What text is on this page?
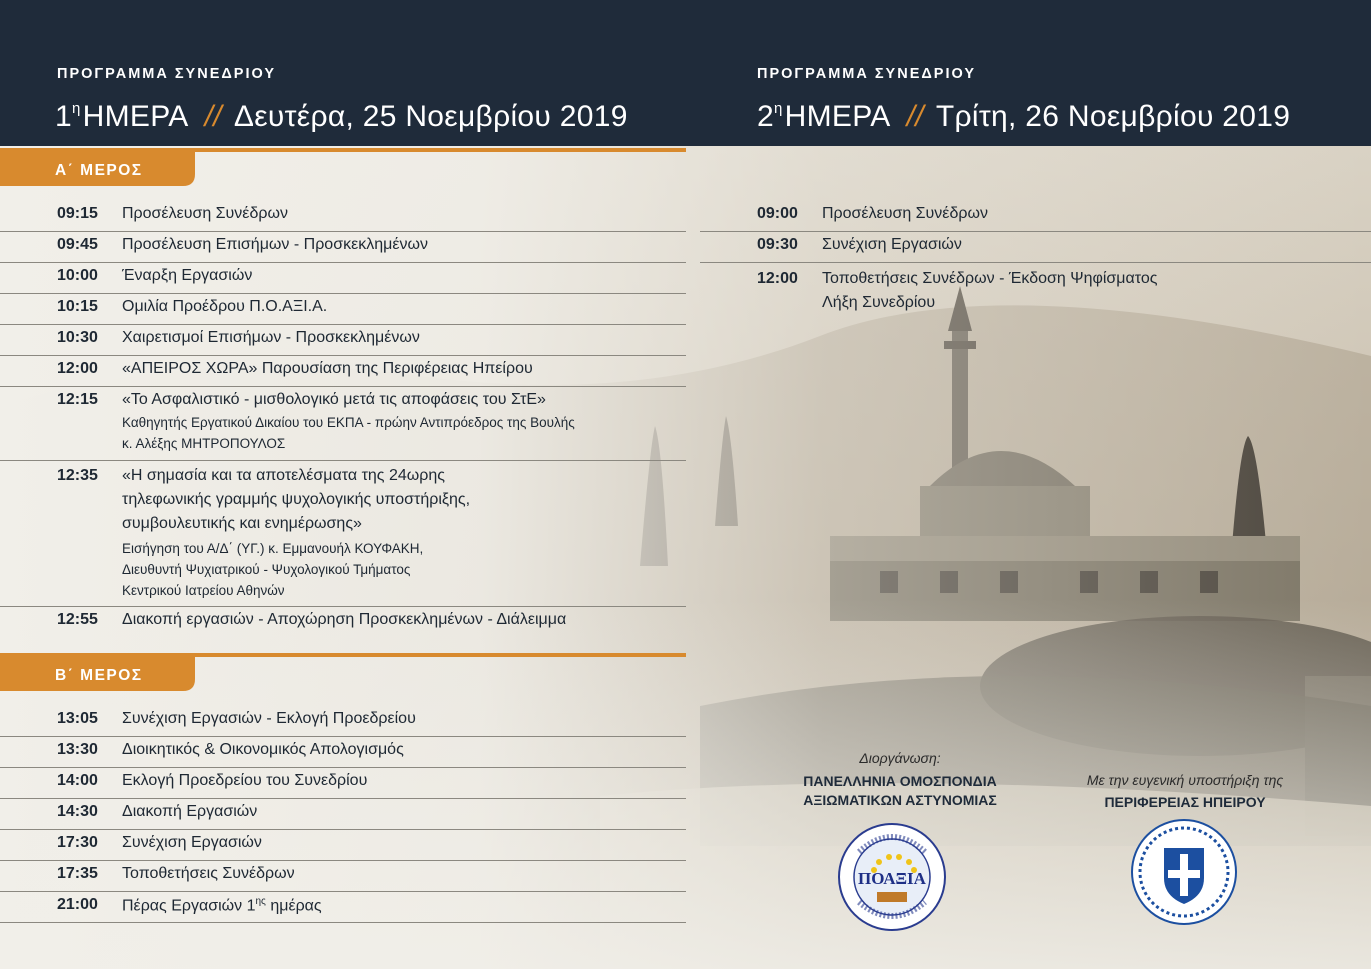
ΠΡΟΓΡΑΜΜΑ ΣΥΝΕΔΡΙΟΥ	ΠΡΟΓΡΑΜΜΑ ΣΥΝΕΔΡΙΟΥ
$1^\eta HMEPA$ // Δευτέρα, 25 Νοεμβρίου 2019	$2^\eta HMEPA$ // Τρίτη, 26 Νοεμβρίου 2019
Α΄ ΜΕΡΟΣ
09:15 Προσέλευση Συνέδρων
09:45 Προσέλευση Επισήμων - Προσκεκλημένων
10:00 Έναρξη Εργασιών
10:15 Ομιλία Προέδρου Π.Ο.ΑΞΙ.Α.
10:30 Χαιρετισμοί Επισήμων - Προσκεκλημένων
12:00 «ΑΠΕΙΡΟΣ ΧΩΡΑ» Παρουσίαση της Περιφέρειας Ηπείρου
12:15 «Το Ασφαλιστικό - μισθολογικό μετά τις αποφάσεις του ΣτΕ»
Καθηγητής Εργατικού Δικαίου του ΕΚΠΑ - πρώην Αντιπρόεδρος της Βουλής
κ. Αλέξης ΜΗΤΡΟΠΟΥΛΟΣ
12:35 «Η σημασία και τα αποτελέσματα της 24ωρης
τηλεφωνικής γραμμής ψυχολογικής υποστήριξης,
συμβουλευτικής και ενημέρωσης»
Εισήγηση του Α/Δ΄ (ΥΓ.) κ. Εμμανουήλ ΚΟΥΦΑΚΗ,
Διευθυντή Ψυχιατρικού - Ψυχολογικού Τμήματος
Κεντρικού Ιατρείου Αθηνών
12:55 Διακοπή εργασιών - Αποχώρηση Προσκεκλημένων - Διάλειμμα
Β΄ ΜΕΡΟΣ
13:05 Συνέχιση Εργασιών - Εκλογή Προεδρείου
13:30 Διοικητικός & Οικονομικός Απολογισμός
14:00 Εκλογή Προεδρείου του Συνεδρίου
14:30 Διακοπή Εργασιών
17:30 Συνέχιση Εργασιών
17:35 Τοποθετήσεις Συνέδρων
21:00 Πέρας Εργασιών $1^{\eta\varsigma}$ ημέρας
09:00 Προσέλευση Συνέδρων
09:30 Συνέχιση Εργασιών
12:00 Τοποθετήσεις Συνέδρων - Έκδοση Ψηφίσματος
Λήξη Συνεδρίου
Διοργάνωση:
ΠΑΝΕΛΛΗΝΙΑ ΟΜΟΣΠΟΝΔΙΑ
ΑΞΙΩΜΑΤΙΚΩΝ ΑΣΤΥΝΟΜΙΑΣ
ΠΟΑΞΙΑ
Με την ευγενική υποστήριξη της
ΠΕΡΙΦΕΡΕΙΑΣ ΗΠΕΙΡΟΥ
